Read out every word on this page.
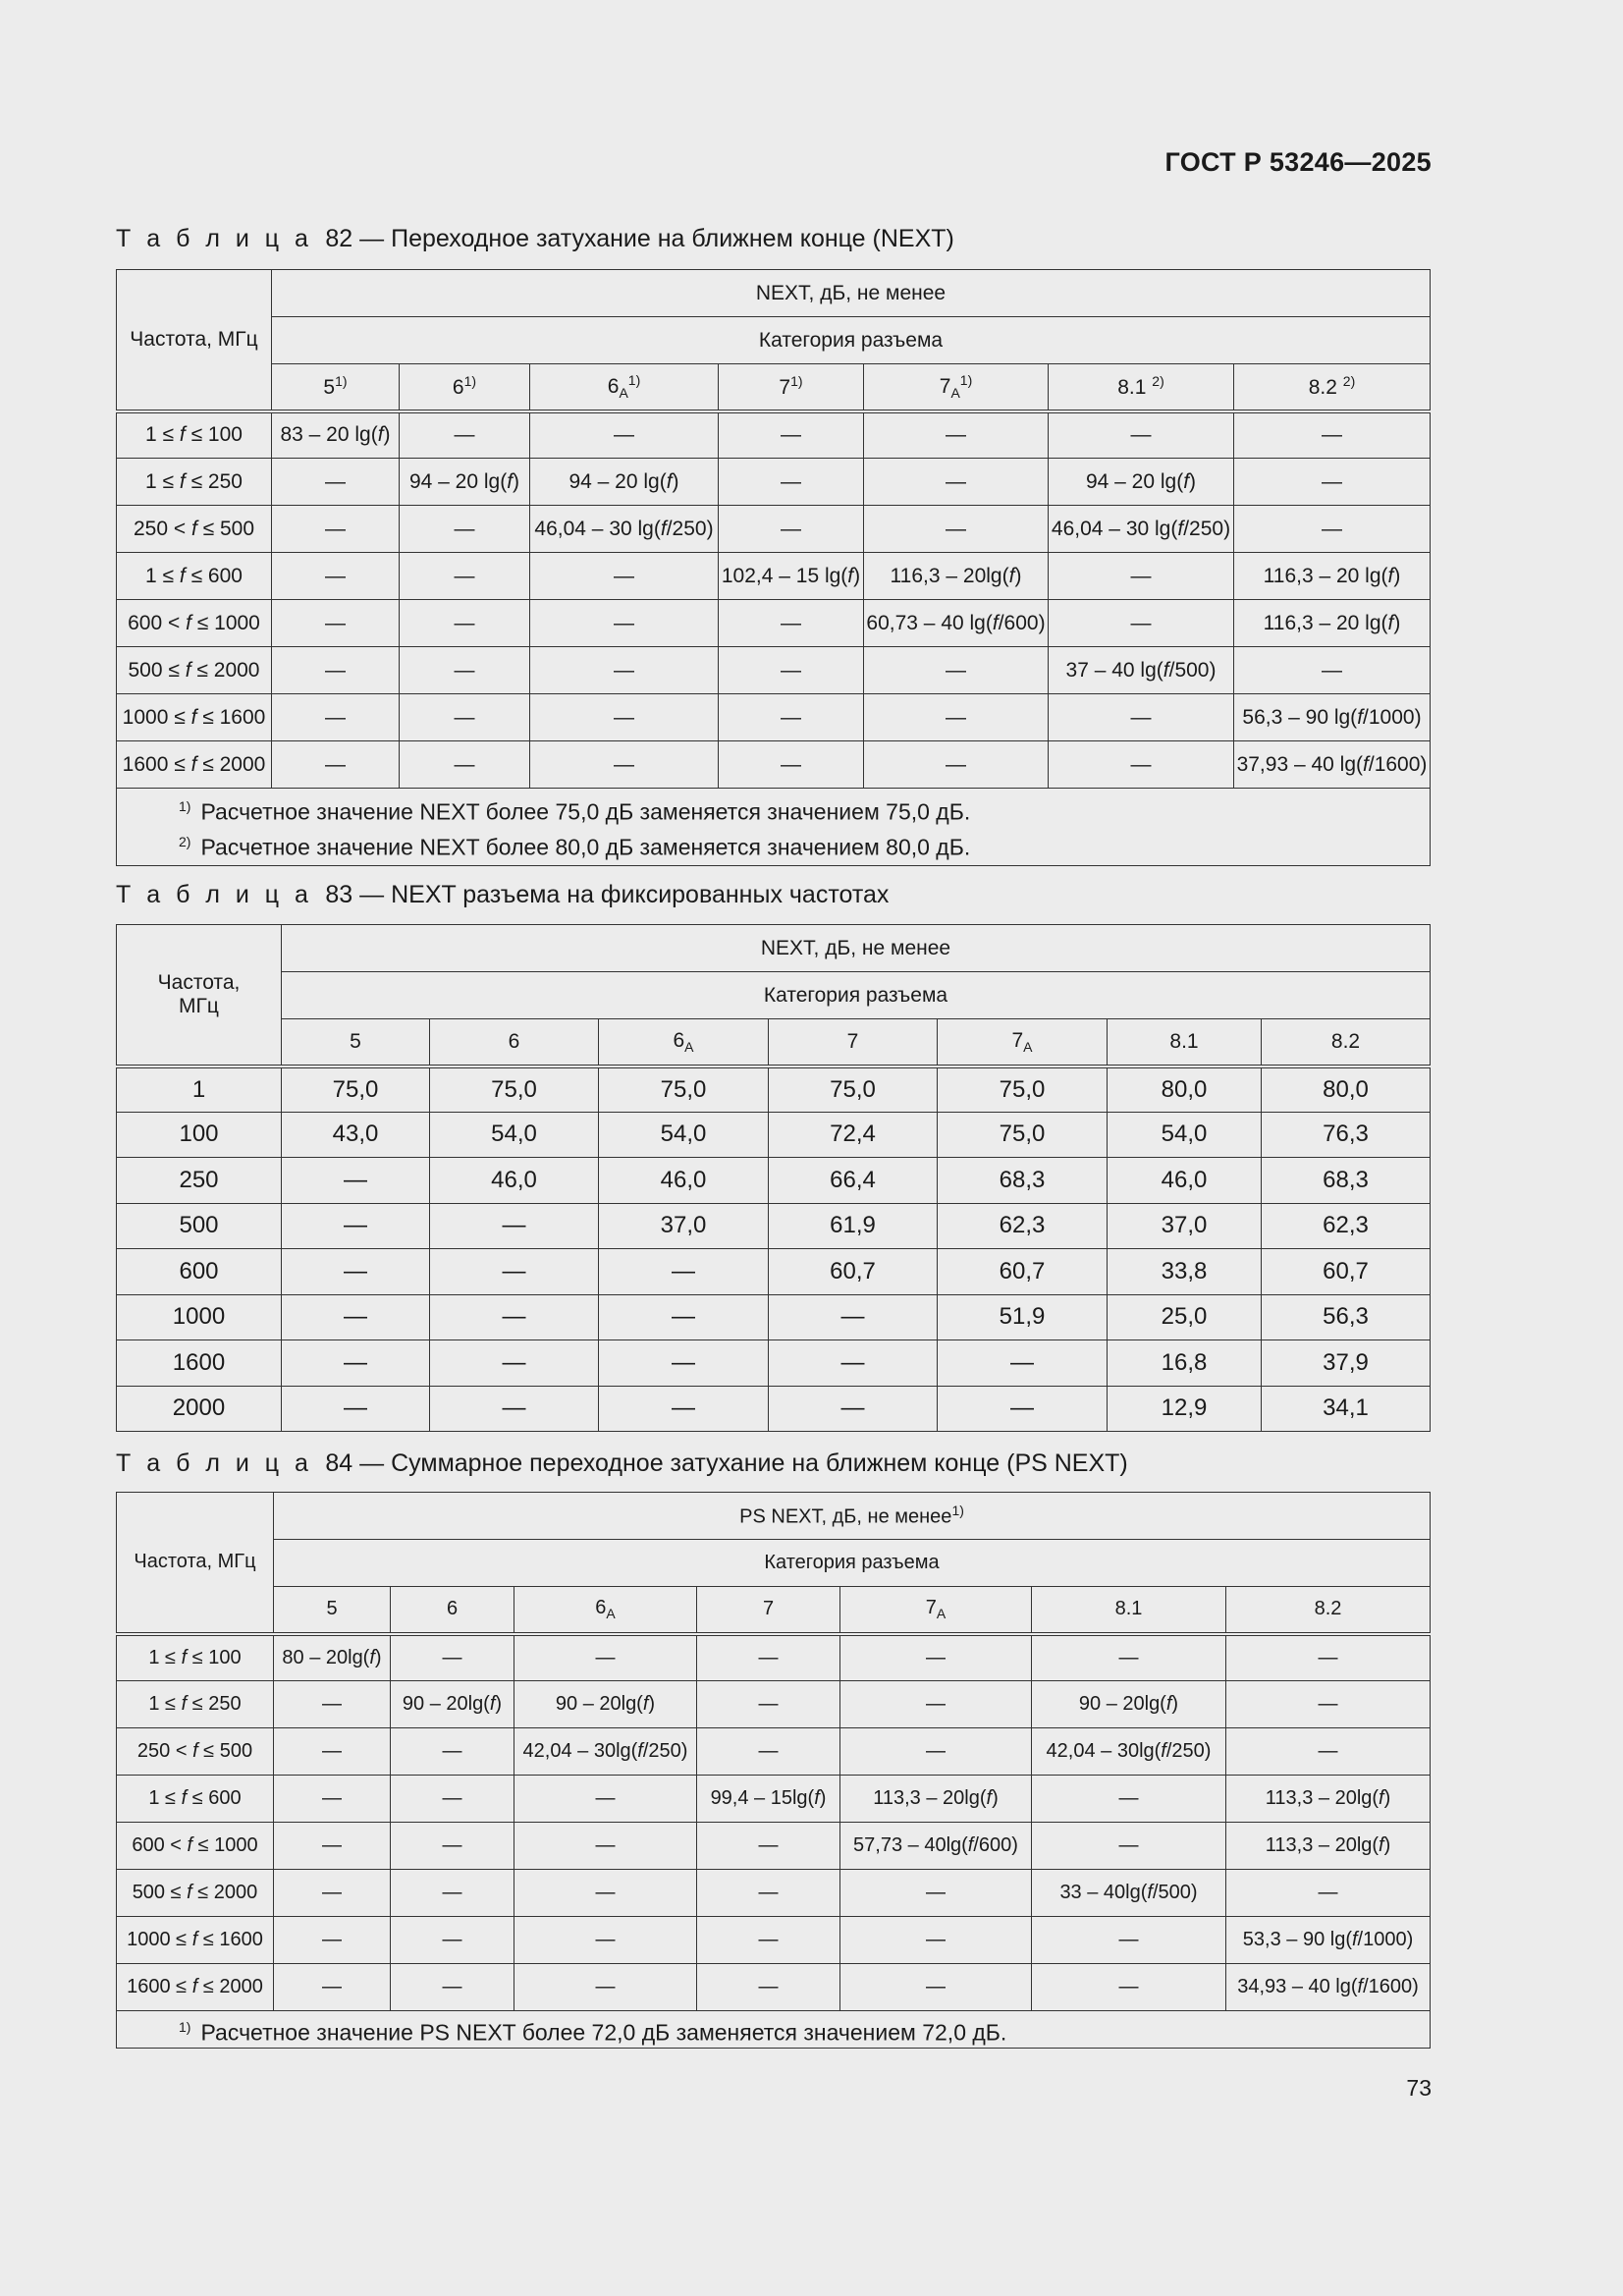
ГОСТ Р 53246—2025
Т а б л и ц а 82 — Переходное затухание на ближнем конце (NEXT)
Частота, МГц	NEXT, дБ, не менее						
	Категория разъема						
	5$^{1)}$	6$^{1)}$	$6_A^{1)}$	7$^{1)}$	$7_A^{1)}$	8.1 $^{2)}$	8.2 $^{2)}$
1 ≤ f ≤ 100	83 – 20 lg(f)	—	—	—	—	—	—
1 ≤ f ≤ 250	—	94 – 20 lg(f)	94 – 20 lg(f)	—	—	94 – 20 lg(f)	—
250 < f ≤ 500	—	—	46,04 – 30 lg(f/250)	—	—	46,04 – 30 lg(f/250)	—
1 ≤ f ≤ 600	—	—	—	102,4 – 15 lg(f)	116,3 – 20lg(f)	—	116,3 – 20 lg(f)
600 < f ≤ 1000	—	—	—	—	60,73 – 40 lg(f/600)	—	116,3 – 20 lg(f)
500 ≤ f ≤ 2000	—	—	—	—	—	37 – 40 lg(f/500)	—
1000 ≤ f ≤ 1600	—	—	—	—	—	—	56,3 – 90 lg(f/1000)
1600 ≤ f ≤ 2000	—	—	—	—	—	—	37,93 – 40 lg(f/1600)

$^{1)}$ Расчетное значение NEXT более 75,0 дБ заменяется значением 75,0 дБ.
$^{2)}$ Расчетное значение NEXT более 80,0 дБ заменяется значением 80,0 дБ.							
Т а б л и ц а 83 — NEXT разъема на фиксированных частотах
Частота, МГц	NEXT, дБ, не менее						
	Категория разъема						
	5	6	$6_A$	7	$7_A$	8.1	8.2
1	75,0	75,0	75,0	75,0	75,0	80,0	80,0
100	43,0	54,0	54,0	72,4	75,0	54,0	76,3
250	—	46,0	46,0	66,4	68,3	46,0	68,3
500	—	—	37,0	61,9	62,3	37,0	62,3
600	—	—	—	60,7	60,7	33,8	60,7
1000	—	—	—	—	51,9	25,0	56,3
1600	—	—	—	—	—	16,8	37,9
2000	—	—	—	—	—	12,9	34,1
Т а б л и ц а 84 — Суммарное переходное затухание на ближнем конце (PS NEXT)
Частота, МГц	PS NEXT, дБ, не менее$^{1)}$
	Категория разъема						
	5	6	$6_A$	7	$7_A$	8.1	8.2
1 ≤ f ≤ 100	80 – 20lg(f)	—	—	—	—	—	—
1 ≤ f ≤ 250	—	90 – 20lg(f)	90 – 20lg(f)	—	—	90 – 20lg(f)	—
250 < f ≤ 500	—	—	42,04 – 30lg(f/250)	—	—	42,04 – 30lg(f/250)	—
1 ≤ f ≤ 600	—	—	—	99,4 – 15lg(f)	113,3 – 20lg(f)	—	113,3 – 20lg(f)
600 < f ≤ 1000	—	—	—	—	57,73 – 40lg(f/600)	—	113,3 – 20lg(f)
500 ≤ f ≤ 2000	—	—	—	—	—	33 – 40lg(f/500)	—
1000 ≤ f ≤ 1600	—	—	—	—	—	—	53,3 – 90 lg(f/1000)
1600 ≤ f ≤ 2000	—	—	—	—	—	—	34,93 – 40 lg(f/1600)

$^{1)}$ Расчетное значение PS NEXT более 72,0 дБ заменяется значением 72,0 дБ.							
73
